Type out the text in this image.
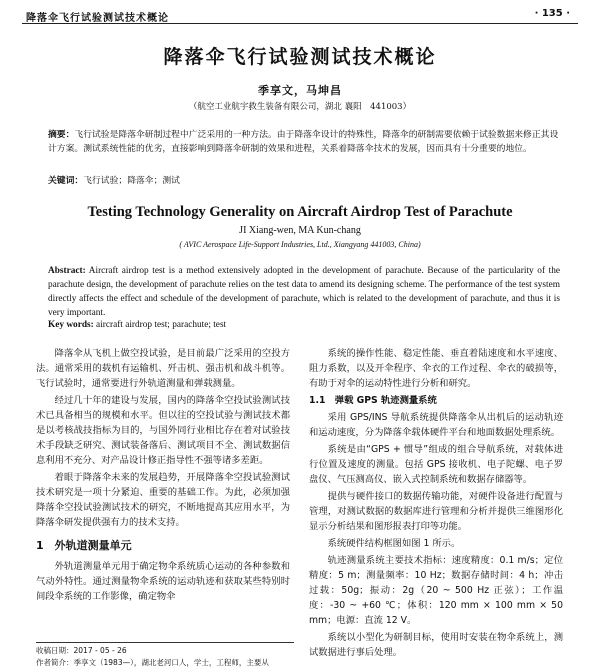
降落伞飞行试验测试技术概论	· 135 ·
降落伞飞行试验测试技术概论
季享文，马坤昌
（航空工业航宇救生装备有限公司，湖北 襄阳　441003）
摘要：飞行试验是降落伞研制过程中广泛采用的一种方法。由于降落伞设计的特殊性，降落伞的研制需要依赖于试验数据来修正其设计方案。测试系统性能的优劣，直接影响到降落伞研制的效果和进程，关系着降落伞技术的发展，因而具有十分重要的地位。
关键词：飞行试验；降落伞；测试
Testing Technology Generality on Aircraft Airdrop Test of Parachute
JI Xiang-wen, MA Kun-chang
( AVIC Aerospace Life-Support Industries, Ltd., Xiangyang 441003, China)
Abstract: Aircraft airdrop test is a method extensively adopted in the development of parachute. Because of the particularity of the parachute design, the development of parachute relies on the test data to amend its designing scheme. The performance of the test system directly affects the effect and schedule of the development of parachute, which is related to the development of parachute, and thus it is very important.
Key words: aircraft airdrop test; parachute; test

降落伞从飞机上做空投试验，是目前最广泛采用的空投方法。通常采用的载机有运输机、歼击机、强击机和战斗机等。飞行试验时，通常要进行外轨道测量和弹载测量。

经过几十年的建设与发展，国内的降落伞空投试验测试技术已具备相当的规模和水平。但以往的空投试验与测试技术都是以考核战技指标为目的，与国外同行业相比存在着对试验技术手段缺乏研究、测试装备落后、测试项目不全、测试数据信息利用不充分、对产品设计修正指导性不强等诸多差距。

着眼于降落伞未来的发展趋势，开展降落伞空投试验测试技术研究是一项十分紧迫、重要的基础工作。为此，必须加强降落伞空投试验测试技术的研究，不断地提高其应用水平，为降落伞研发提供强有力的技术支持。

1　外轨道测量单元

外轨道测量单元用于确定物伞系统质心运动的各种参数和气动外特性。通过测量物伞系统的运动轨迹和获取某些特别时间段伞系统的工作影像，确定物伞

系统的操作性能、稳定性能、垂直着陆速度和水平速度、阻力系数，以及开伞程序、伞衣的工作过程、伞衣的破损等，有助于对伞的运动特性进行分析和研究。

1.1　弹载 GPS 轨迹测量系统

采用 GPS/INS 导航系统提供降落伞从出机后的运动轨迹和运动速度，分为降落伞载体硬件平台和地面数据处理系统。

系统是由“GPS + 惯导”组成的组合导航系统，对载体进行位置及速度的测量。包括 GPS 接收机、电子陀螺、电子罗盘仪、气压测高仪、嵌入式控制系统和数据存储器等。

提供与硬件接口的数据传输功能，对硬件设备进行配置与管理，对测试数据的数据库进行管理和分析并提供三维图形化显示分析结果和图形报表打印等功能。

系统硬件结构框图如图 1 所示。

轨迹测量系统主要技术指标：速度精度：0.1 m/s；定位精度：5 m；测量频率：10 Hz；数据存储时间：4 h；冲击过载：50g；振动：2g（20 ~ 500 Hz 正弦）；工作温度：-30 ~ +60 ℃；体积：120 mm × 100 mm × 50 mm；电源：直流 12 V。

系统以小型化为研制目标，使用时安装在物伞系统上，测试数据进行事后处理。

收稿日期：2017 - 05 - 26
作者简介：季享文（1983—），湖北老河口人，学士，工程师，主要从
